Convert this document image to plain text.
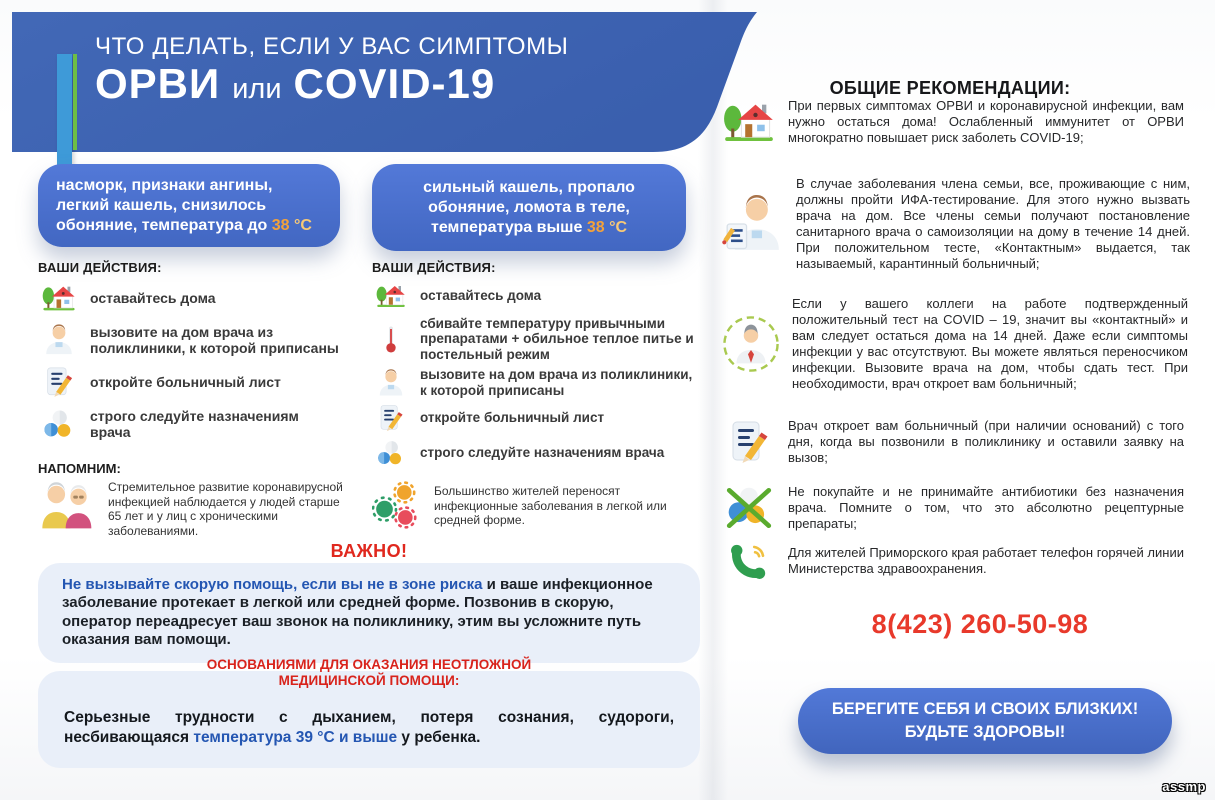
ЧТО ДЕЛАТЬ, ЕСЛИ У ВАС СИМПТОМЫ
ОРВИ или COVID-19
насморк, признаки ангины, легкий кашель, снизилось обоняние, температура до 38 °С
сильный кашель, пропало обоняние, ломота в теле, температура выше 38 °С
ВАШИ ДЕЙСТВИЯ:	ВАШИ ДЕЙСТВИЯ:
оставайтесь дома
вызовите на дом врача из поликлиники, к которой приписаны
откройте больничный лист
строго следуйте назначениям врача
оставайтесь дома
сбивайте температуру привычными препаратами + обильное теплое питье и постельный режим
вызовите на дом врача из поликлиники, к которой приписаны
откройте больничный лист
строго следуйте назначениям врача
НАПОМНИМ:
Стремительное развитие коронавирусной инфекцией наблюдается у людей старше 65 лет и у лиц с хроническими заболеваниями.
Большинство жителей переносят инфекционные заболевания в легкой или средней форме.
ВАЖНО!
Не вызывайте скорую помощь, если вы не в зоне риска и ваше инфекционное заболевание протекает в легкой или средней форме. Позвонив в скорую, оператор переадресует ваш звонок на поликлинику, этим вы усложните путь оказания вам помощи.
ОСНОВАНИЯМИ ДЛЯ ОКАЗАНИЯ НЕОТЛОЖНОЙ
МЕДИЦИНСКОЙ ПОМОЩИ:
Серьезные трудности с дыханием, потеря сознания, судороги, несбивающаяся температура 39 °С и выше у ребенка.
ОБЩИЕ РЕКОМЕНДАЦИИ:
При первых симптомах ОРВИ и коронавирусной инфекции, вам нужно остаться дома! Ослабленный иммунитет от ОРВИ многократно повышает риск заболеть COVID-19;
В случае заболевания члена семьи, все, проживающие с ним, должны пройти ИФА-тестирование. Для этого нужно вызвать врача на дом. Все члены семьи получают постановление санитарного врача о самоизоляции на дому в течение 14 дней. При положительном тесте, «Контактным» выдается, так называемый, карантинный больничный;
Если у вашего коллеги на работе подтвержденный положительный тест на COVID – 19, значит вы «контактный» и вам следует остаться дома на 14 дней. Даже если симптомы инфекции у вас отсутствуют. Вы можете являться переносчиком инфекции. Вызовите врача на дом, чтобы сдать тест. При необходимости, врач откроет вам больничный;
Врач откроет вам больничный (при наличии оснований) с того дня, когда вы позвонили в поликлинику и оставили заявку на вызов;
Не покупайте и не принимайте антибиотики без назначения врача. Помните о том, что это абсолютно рецептурные препараты;
Для жителей Приморского края работает телефон горячей линии Министерства здравоохранения.
8(423) 260-50-98
БЕРЕГИТЕ СЕБЯ И СВОИХ БЛИЗКИХ!
БУДЬТЕ ЗДОРОВЫ!
assmp
